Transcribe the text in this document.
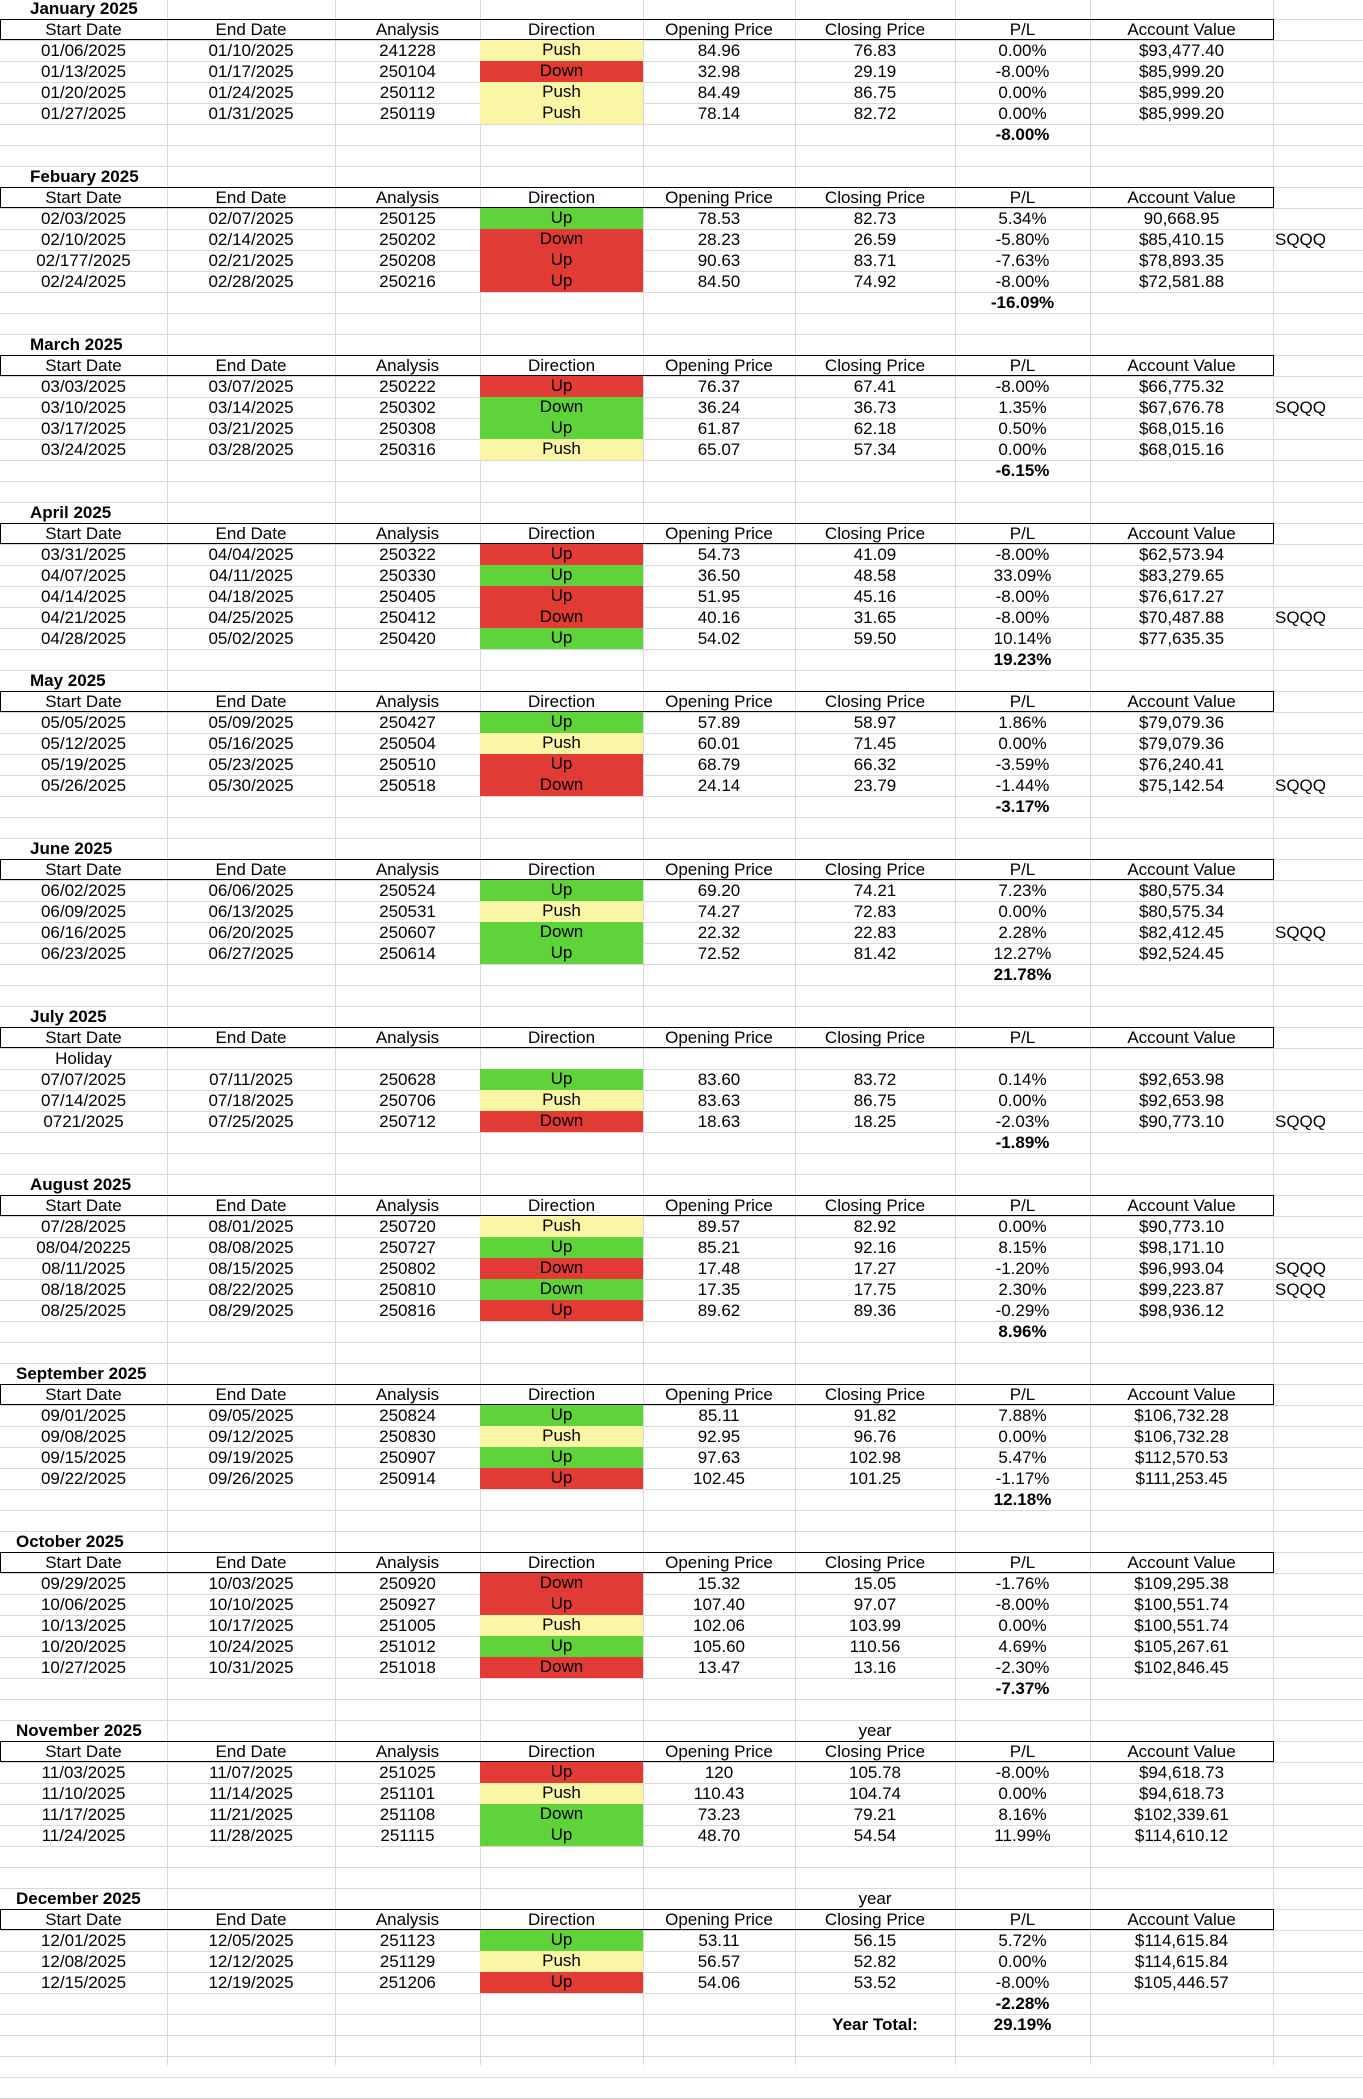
January 2025
Start Date	End Date	Analysis	Direction	Opening Price	Closing Price	P/L	Account Value
01/06/2025	01/10/2025	241228	Push	84.96	76.83	0.00%	$93,477.40
01/13/2025	01/17/2025	250104	Down	32.98	29.19	-8.00%	$85,999.20
01/20/2025	01/24/2025	250112	Push	84.49	86.75	0.00%	$85,999.20
01/27/2025	01/31/2025	250119	Push	78.14	82.72	0.00%	$85,999.20
-8.00%
Febuary 2025
Start Date	End Date	Analysis	Direction	Opening Price	Closing Price	P/L	Account Value
02/03/2025	02/07/2025	250125	Up	78.53	82.73	5.34%	90,668.95
02/10/2025	02/14/2025	250202	Down	28.23	26.59	-5.80%	$85,410.15	SQQQ
02/177/2025	02/21/2025	250208	Up	90.63	83.71	-7.63%	$78,893.35
02/24/2025	02/28/2025	250216	Up	84.50	74.92	-8.00%	$72,581.88
-16.09%
March 2025
Start Date	End Date	Analysis	Direction	Opening Price	Closing Price	P/L	Account Value
03/03/2025	03/07/2025	250222	Up	76.37	67.41	-8.00%	$66,775.32
03/10/2025	03/14/2025	250302	Down	36.24	36.73	1.35%	$67,676.78	SQQQ
03/17/2025	03/21/2025	250308	Up	61.87	62.18	0.50%	$68,015.16
03/24/2025	03/28/2025	250316	Push	65.07	57.34	0.00%	$68,015.16
-6.15%
April 2025
Start Date	End Date	Analysis	Direction	Opening Price	Closing Price	P/L	Account Value
03/31/2025	04/04/2025	250322	Up	54.73	41.09	-8.00%	$62,573.94
04/07/2025	04/11/2025	250330	Up	36.50	48.58	33.09%	$83,279.65
04/14/2025	04/18/2025	250405	Up	51.95	45.16	-8.00%	$76,617.27
04/21/2025	04/25/2025	250412	Down	40.16	31.65	-8.00%	$70,487.88	SQQQ
04/28/2025	05/02/2025	250420	Up	54.02	59.50	10.14%	$77,635.35
19.23%
May 2025
Start Date	End Date	Analysis	Direction	Opening Price	Closing Price	P/L	Account Value
05/05/2025	05/09/2025	250427	Up	57.89	58.97	1.86%	$79,079.36
05/12/2025	05/16/2025	250504	Push	60.01	71.45	0.00%	$79,079.36
05/19/2025	05/23/2025	250510	Up	68.79	66.32	-3.59%	$76,240.41
05/26/2025	05/30/2025	250518	Down	24.14	23.79	-1.44%	$75,142.54	SQQQ
-3.17%
June 2025
Start Date	End Date	Analysis	Direction	Opening Price	Closing Price	P/L	Account Value
06/02/2025	06/06/2025	250524	Up	69.20	74.21	7.23%	$80,575.34
06/09/2025	06/13/2025	250531	Push	74.27	72.83	0.00%	$80,575.34
06/16/2025	06/20/2025	250607	Down	22.32	22.83	2.28%	$82,412.45	SQQQ
06/23/2025	06/27/2025	250614	Up	72.52	81.42	12.27%	$92,524.45
21.78%
July 2025
Start Date	End Date	Analysis	Direction	Opening Price	Closing Price	P/L	Account Value
Holiday
07/07/2025	07/11/2025	250628	Up	83.60	83.72	0.14%	$92,653.98
07/14/2025	07/18/2025	250706	Push	83.63	86.75	0.00%	$92,653.98
0721/2025	07/25/2025	250712	Down	18.63	18.25	-2.03%	$90,773.10	SQQQ
-1.89%
August 2025
Start Date	End Date	Analysis	Direction	Opening Price	Closing Price	P/L	Account Value
07/28/2025	08/01/2025	250720	Push	89.57	82.92	0.00%	$90,773.10
08/04/20225	08/08/2025	250727	Up	85.21	92.16	8.15%	$98,171.10
08/11/2025	08/15/2025	250802	Down	17.48	17.27	-1.20%	$96,993.04	SQQQ
08/18/2025	08/22/2025	250810	Down	17.35	17.75	2.30%	$99,223.87	SQQQ
08/25/2025	08/29/2025	250816	Up	89.62	89.36	-0.29%	$98,936.12
8.96%
September 2025
Start Date	End Date	Analysis	Direction	Opening Price	Closing Price	P/L	Account Value
09/01/2025	09/05/2025	250824	Up	85.11	91.82	7.88%	$106,732.28
09/08/2025	09/12/2025	250830	Push	92.95	96.76	0.00%	$106,732.28
09/15/2025	09/19/2025	250907	Up	97.63	102.98	5.47%	$112,570.53
09/22/2025	09/26/2025	250914	Up	102.45	101.25	-1.17%	$111,253.45
12.18%
October 2025
Start Date	End Date	Analysis	Direction	Opening Price	Closing Price	P/L	Account Value
09/29/2025	10/03/2025	250920	Down	15.32	15.05	-1.76%	$109,295.38
10/06/2025	10/10/2025	250927	Up	107.40	97.07	-8.00%	$100,551.74
10/13/2025	10/17/2025	251005	Push	102.06	103.99	0.00%	$100,551.74
10/20/2025	10/24/2025	251012	Up	105.60	110.56	4.69%	$105,267.61
10/27/2025	10/31/2025	251018	Down	13.47	13.16	-2.30%	$102,846.45
-7.37%
November 2025	year
Start Date	End Date	Analysis	Direction	Opening Price	Closing Price	P/L	Account Value
11/03/2025	11/07/2025	251025	Up	120	105.78	-8.00%	$94,618.73
11/10/2025	11/14/2025	251101	Push	110.43	104.74	0.00%	$94,618.73
11/17/2025	11/21/2025	251108	Down	73.23	79.21	8.16%	$102,339.61
11/24/2025	11/28/2025	251115	Up	48.70	54.54	11.99%	$114,610.12
December 2025	year
Start Date	End Date	Analysis	Direction	Opening Price	Closing Price	P/L	Account Value
12/01/2025	12/05/2025	251123	Up	53.11	56.15	5.72%	$114,615.84
12/08/2025	12/12/2025	251129	Push	56.57	52.82	0.00%	$114,615.84
12/15/2025	12/19/2025	251206	Up	54.06	53.52	-8.00%	$105,446.57
-2.28%
Year Total:	29.19%
